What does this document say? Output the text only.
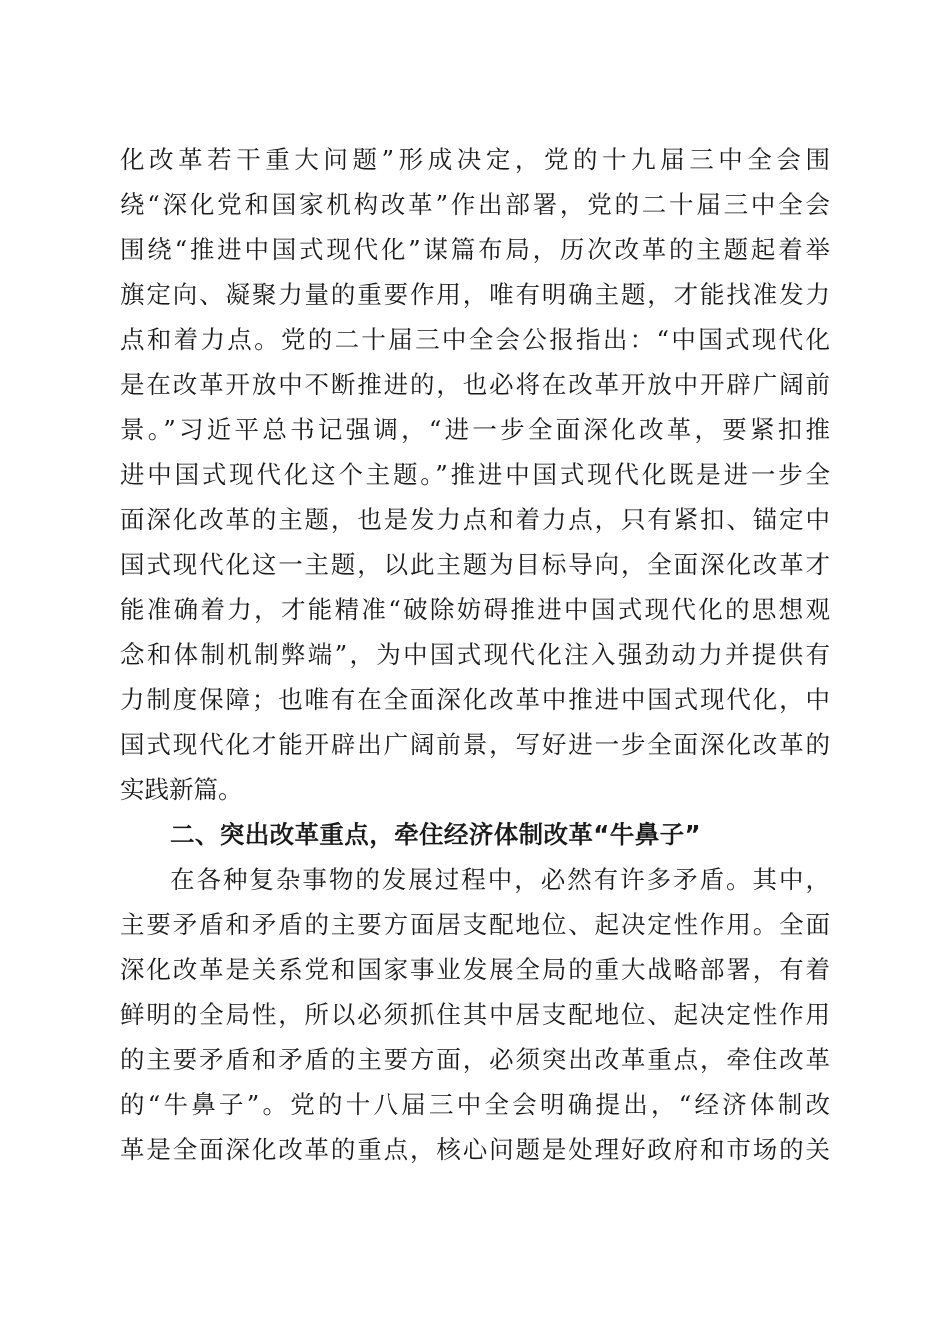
化改革若干重大问题”形成决定，党的十九届三中全会围
绕“深化党和国家机构改革”作出部署，党的二十届三中全会
围绕“推进中国式现代化”谋篇布局，历次改革的主题起着举
旗定向、凝聚力量的重要作用，唯有明确主题，才能找准发力
点和着力点。党的二十届三中全会公报指出：“中国式现代化
是在改革开放中不断推进的，也必将在改革开放中开辟广阔前
景。”习近平总书记强调，“进一步全面深化改革，要紧扣推
进中国式现代化这个主题。”推进中国式现代化既是进一步全
面深化改革的主题，也是发力点和着力点，只有紧扣、锚定中
国式现代化这一主题，以此主题为目标导向，全面深化改革才
能准确着力，才能精准“破除妨碍推进中国式现代化的思想观
念和体制机制弊端”，为中国式现代化注入强劲动力并提供有
力制度保障；也唯有在全面深化改革中推进中国式现代化，中
国式现代化才能开辟出广阔前景，写好进一步全面深化改革的
实践新篇。
二、突出改革重点，牵住经济体制改革“牛鼻子”
在各种复杂事物的发展过程中，必然有许多矛盾。其中，
主要矛盾和矛盾的主要方面居支配地位、起决定性作用。全面
深化改革是关系党和国家事业发展全局的重大战略部署，有着
鲜明的全局性，所以必须抓住其中居支配地位、起决定性作用
的主要矛盾和矛盾的主要方面，必须突出改革重点，牵住改革
的“牛鼻子”。党的十八届三中全会明确提出，“经济体制改
革是全面深化改革的重点，核心问题是处理好政府和市场的关
